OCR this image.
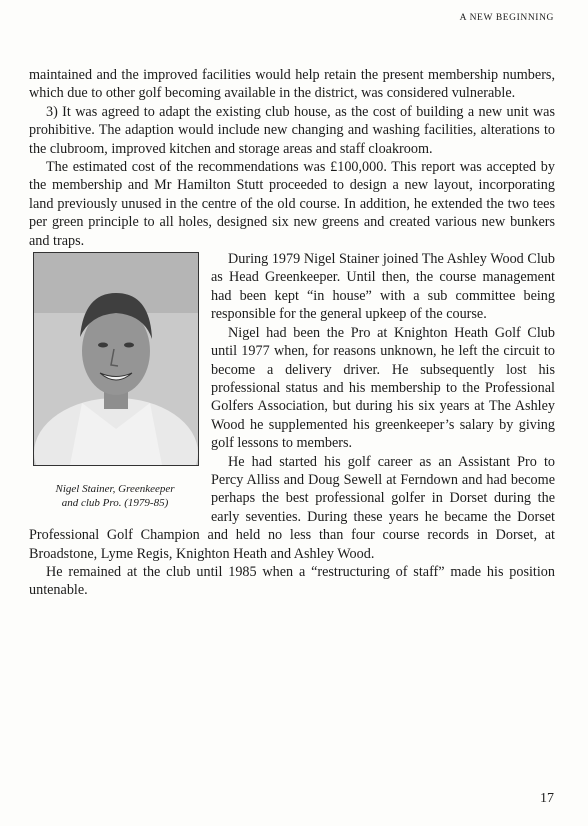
A NEW BEGINNING

maintained and the improved facilities would help retain the present membership numbers, which due to other golf becoming available in the district, was considered vulnerable.

3) It was agreed to adapt the existing club house, as the cost of building a new unit was prohibitive. The adaption would include new changing and washing facilities, alterations to the clubroom, improved kitchen and storage areas and staff cloakroom.

The estimated cost of the recommendations was £100,000. This report was accepted by the membership and Mr Hamilton Stutt proceeded to design a new layout, incorporating land previously unused in the centre of the old course. In addition, he extended the two tees per green principle to all holes, designed six new greens and created various new bunkers and traps.

Nigel Stainer, Greenkeeper
and club Pro. (1979-85)

During 1979 Nigel Stainer joined The Ashley Wood Club as Head Greenkeeper. Until then, the course management had been kept “in house” with a sub committee being responsible for the general upkeep of the course.

Nigel had been the Pro at Knighton Heath Golf Club until 1977 when, for reasons unknown, he left the circuit to become a delivery driver. He subsequently lost his professional status and his membership to the Professional Golfers Association, but during his six years at The Ashley Wood he supplemented his greenkeeper’s salary by giving golf lessons to members.

He had started his golf career as an Assistant Pro to Percy Alliss and Doug Sewell at Ferndown and had become perhaps the best professional golfer in Dorset during the early seventies. During these years he became the Dorset Professional Golf Champion and held no less than four course records in Dorset, at Broadstone, Lyme Regis, Knighton Heath and Ashley Wood.

He remained at the club until 1985 when a “restructuring of staff” made his position untenable.

17
